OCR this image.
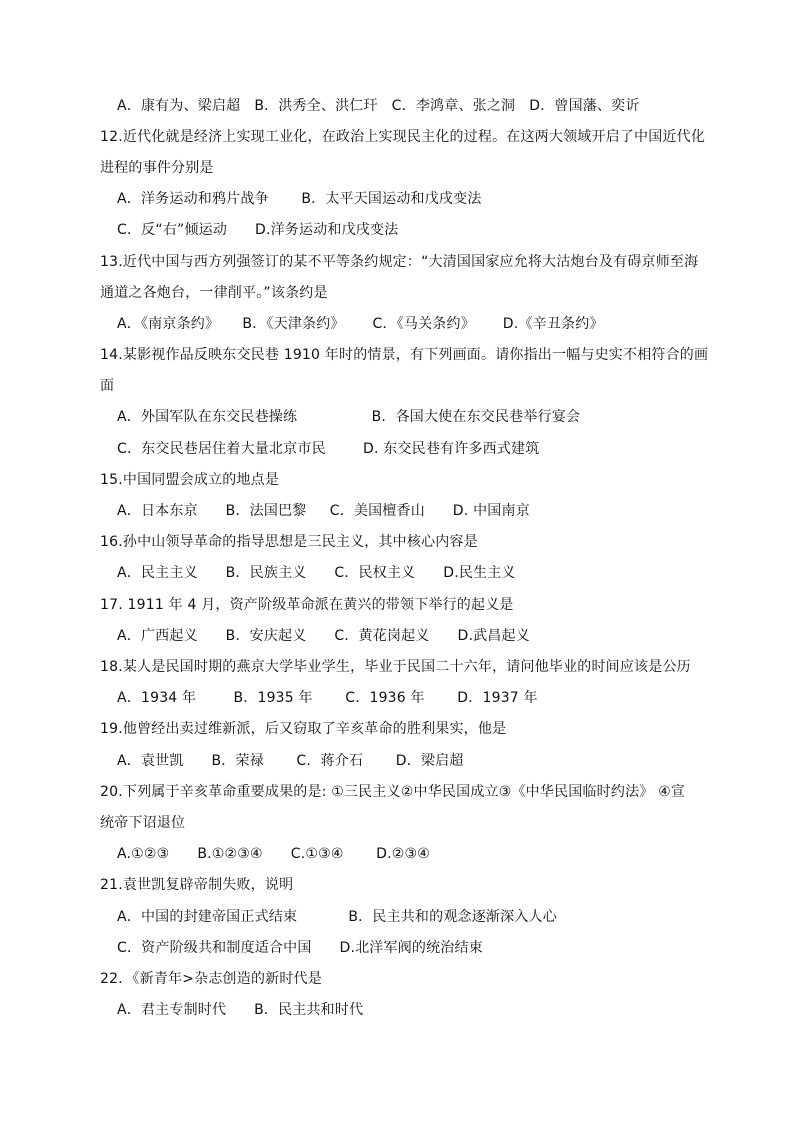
A．康有为、梁启超   B．洪秀全、洪仁玕   C．李鸿章、张之洞   D．曾国藩、奕䜣
12.近代化就是经济上实现工业化，在政治上实现民主化的过程。在这两大领域开启了中国近代化
进程的事件分别是
A．洋务运动和鸦片战争       B．太平天国运动和戊戌变法
C．反“右”倾运动      D.洋务运动和戊戌变法
13.近代中国与西方列强签订的某不平等条约规定：“大清国国家应允将大沽炮台及有碍京师至海
通道之各炮台，一律削平。”该条约是
A．《南京条约》     B．《天津条约》      C．《马关条约》      D.《辛丑条约》
14.某影视作品反映东交民巷 1910 年时的情景，有下列画面。请你指出一幅与史实不相符合的画
面
A．外国军队在东交民巷操练                B．各国大使在东交民巷举行宴会
C．东交民巷居住着大量北京市民        D. 东交民巷有许多西式建筑
15.中国同盟会成立的地点是
A．日本东京      B．法国巴黎     C．美国檀香山      D. 中国南京
16.孙中山领导革命的指导思想是三民主义，其中核心内容是
A．民主主义      B．民族主义      C．民权主义      D.民生主义
17. 1911 年 4 月，资产阶级革命派在黄兴的带领下举行的起义是
A．广西起义      B．安庆起义      C．黄花岗起义      D.武昌起义
18.某人是民国时期的燕京大学毕业学生，毕业于民国二十六年，请问他毕业的时间应该是公历
A．1934 年        B．1935 年       C．1936 年       D．1937 年
19.他曾经出卖过维新派，后又窃取了辛亥革命的胜利果实，他是
A．袁世凯      B．荣禄       C．蒋介石       D．梁启超
20.下列属于辛亥革命重要成果的是: ①三民主义②中华民国成立③《中华民国临时约法》 ④宣
统帝下诏退位
A.①②③      B.①②③④      C.①③④       D.②③④
21.袁世凯复辟帝制失败，说明
A．中国的封建帝国正式结束           B．民主共和的观念逐渐深入人心
C．资产阶级共和制度适合中国      D.北洋军阀的统治结束
22．《新青年>杂志创造的新时代是
A．君主专制时代      B．民主共和时代
